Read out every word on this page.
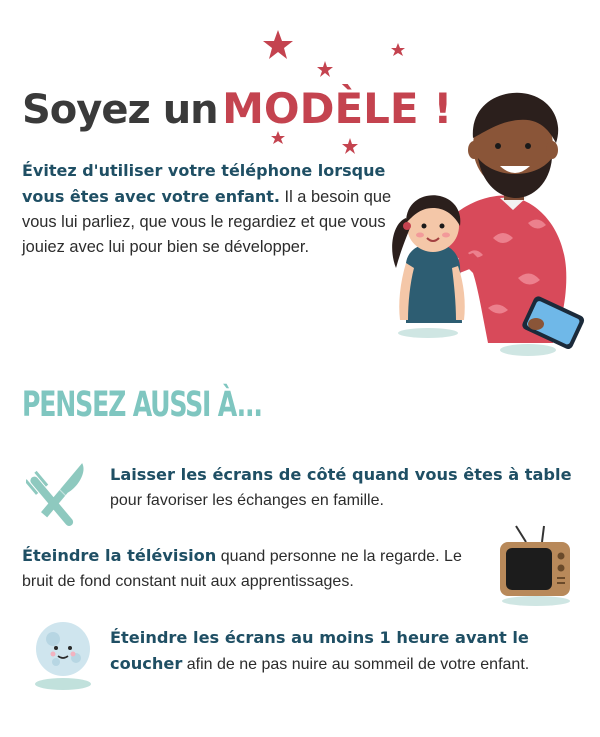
Soyez un MODÈLE !
Évitez d'utiliser votre téléphone lorsque vous êtes avec votre enfant. Il a besoin que vous lui parliez, que vous le regardiez et que vous jouiez avec lui pour bien se développer.
PENSEZ AUSSI À...
Laisser les écrans de côté quand vous êtes à table
pour favoriser les échanges en famille.
Éteindre la télévision quand personne ne la regarde. Le bruit de fond constant nuit aux apprentissages.
Éteindre les écrans au moins 1 heure avant le coucher afin de ne pas nuire au sommeil de votre enfant.
